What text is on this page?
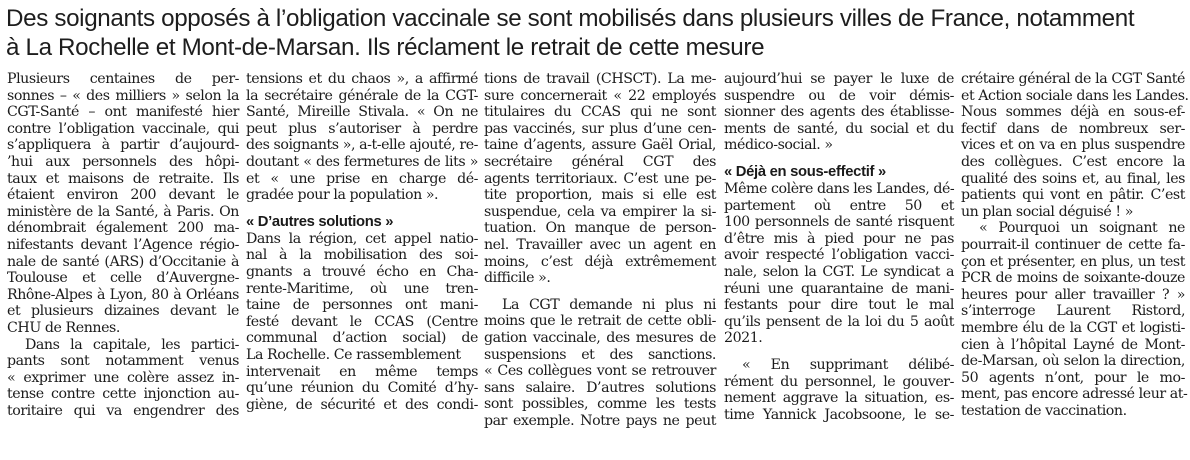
Des soignants opposés à l’obligation vaccinale se sont mobilisés dans plusieurs villes de France, notamment
à La Rochelle et Mont-de-Marsan. Ils réclament le retrait de cette mesure
Plusieurs centaines de per-
sonnes – « des milliers » selon la
CGT-Santé – ont manifesté hier
contre l’obligation vaccinale, qui
s’appliquera à partir d’aujourd-
’hui aux personnels des hôpi-
taux et maisons de retraite. Ils
étaient environ 200 devant le
ministère de la Santé, à Paris. On
dénombrait également 200 ma-
nifestants devant l’Agence régio-
nale de santé (ARS) d’Occitanie à
Toulouse et celle d’Auvergne-
Rhône-Alpes à Lyon, 80 à Orléans
et plusieurs dizaines devant le
CHU de Rennes.
Dans la capitale, les partici-
pants sont notamment venus
« exprimer une colère assez in-
tense contre cette injonction au-
toritaire qui va engendrer des
tensions et du chaos », a affirmé
la secrétaire générale de la CGT-
Santé, Mireille Stivala. « On ne
peut plus s’autoriser à perdre
des soignants », a-t-elle ajouté, re-
doutant « des fermetures de lits »
et « une prise en charge dé-
gradée pour la population ».
« D’autres solutions »
Dans la région, cet appel natio-
nal à la mobilisation des soi-
gnants a trouvé écho en Cha-
rente-Maritime, où une tren-
taine de personnes ont mani-
festé devant le CCAS (Centre
communal d’action social) de
La Rochelle. Ce rassemblement
intervenait en même temps
qu’une réunion du Comité d’hy-
giène, de sécurité et des condi-
tions de travail (CHSCT). La me-
sure concernerait « 22 employés
titulaires du CCAS qui ne sont
pas vaccinés, sur plus d’une cen-
taine d’agents, assure Gaël Orial,
secrétaire général CGT des
agents territoriaux. C’est une pe-
tite proportion, mais si elle est
suspendue, cela va empirer la si-
tuation. On manque de person-
nel. Travailler avec un agent en
moins, c’est déjà extrêmement
difficile ».
La CGT demande ni plus ni
moins que le retrait de cette obli-
gation vaccinale, des mesures de
suspensions et des sanctions.
« Ces collègues vont se retrouver
sans salaire. D’autres solutions
sont possibles, comme les tests
par exemple. Notre pays ne peut
aujourd’hui se payer le luxe de
suspendre ou de voir démis-
sionner des agents des établisse-
ments de santé, du social et du
médico-social. »
« Déjà en sous-effectif »
Même colère dans les Landes, dé-
partement où entre 50 et
100 personnels de santé risquent
d’être mis à pied pour ne pas
avoir respecté l’obligation vacci-
nale, selon la CGT. Le syndicat a
réuni une quarantaine de mani-
festants pour dire tout le mal
qu’ils pensent de la loi du 5 août
2021.
« En supprimant délibé-
rément du personnel, le gouver-
nement aggrave la situation, es-
time Yannick Jacobsoone, le se-
crétaire général de la CGT Santé
et Action sociale dans les Landes.
Nous sommes déjà en sous-ef-
fectif dans de nombreux ser-
vices et on va en plus suspendre
des collègues. C’est encore la
qualité des soins et, au final, les
patients qui vont en pâtir. C’est
un plan social déguisé ! »
« Pourquoi un soignant ne
pourrait-il continuer de cette fa-
çon et présenter, en plus, un test
PCR de moins de soixante-douze
heures pour aller travailler ? »
s’interroge Laurent Ristord,
membre élu de la CGT et logisti-
cien à l’hôpital Layné de Mont-
de-Marsan, où selon la direction,
50 agents n’ont, pour le mo-
ment, pas encore adressé leur at-
testation de vaccination.
